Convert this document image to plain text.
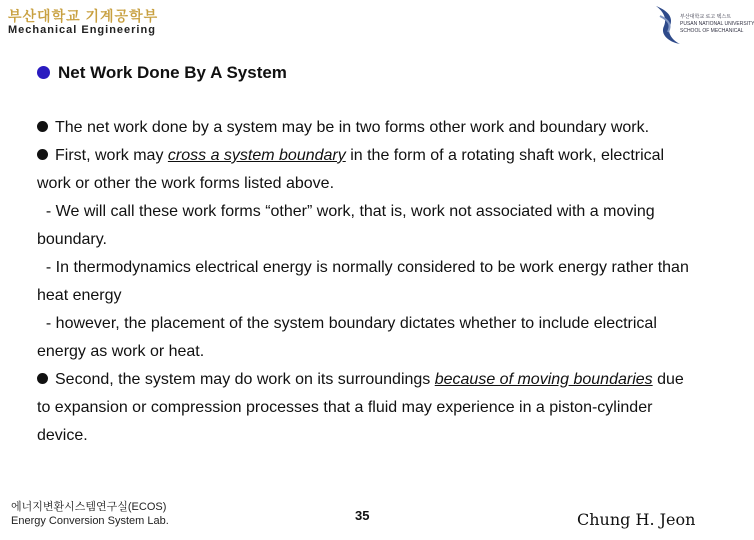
부산대학교 기계공학부
Mechanical Engineering
부산대학교 로고 텍스트
PUSAN NATIONAL UNIVERSITY
SCHOOL OF MECHANICAL
Net Work Done By A System

The net work done by a system may be in two forms other work and boundary work.

First, work may cross a system boundary in the form of a rotating shaft work, electrical work or other the work forms listed above.

- We will call these work forms “other” work, that is, work not associated with a moving boundary.

- In thermodynamics electrical energy is normally considered to be work energy rather than heat energy

- however, the placement of the system boundary dictates whether to include electrical energy as work or heat.

Second, the system may do work on its surroundings because of moving boundaries due to expansion or compression processes that a fluid may experience in a piston-cylinder device.

에너지변환시스템연구실(ECOS)
Energy Conversion System Lab.	35	Chung H. Jeon
